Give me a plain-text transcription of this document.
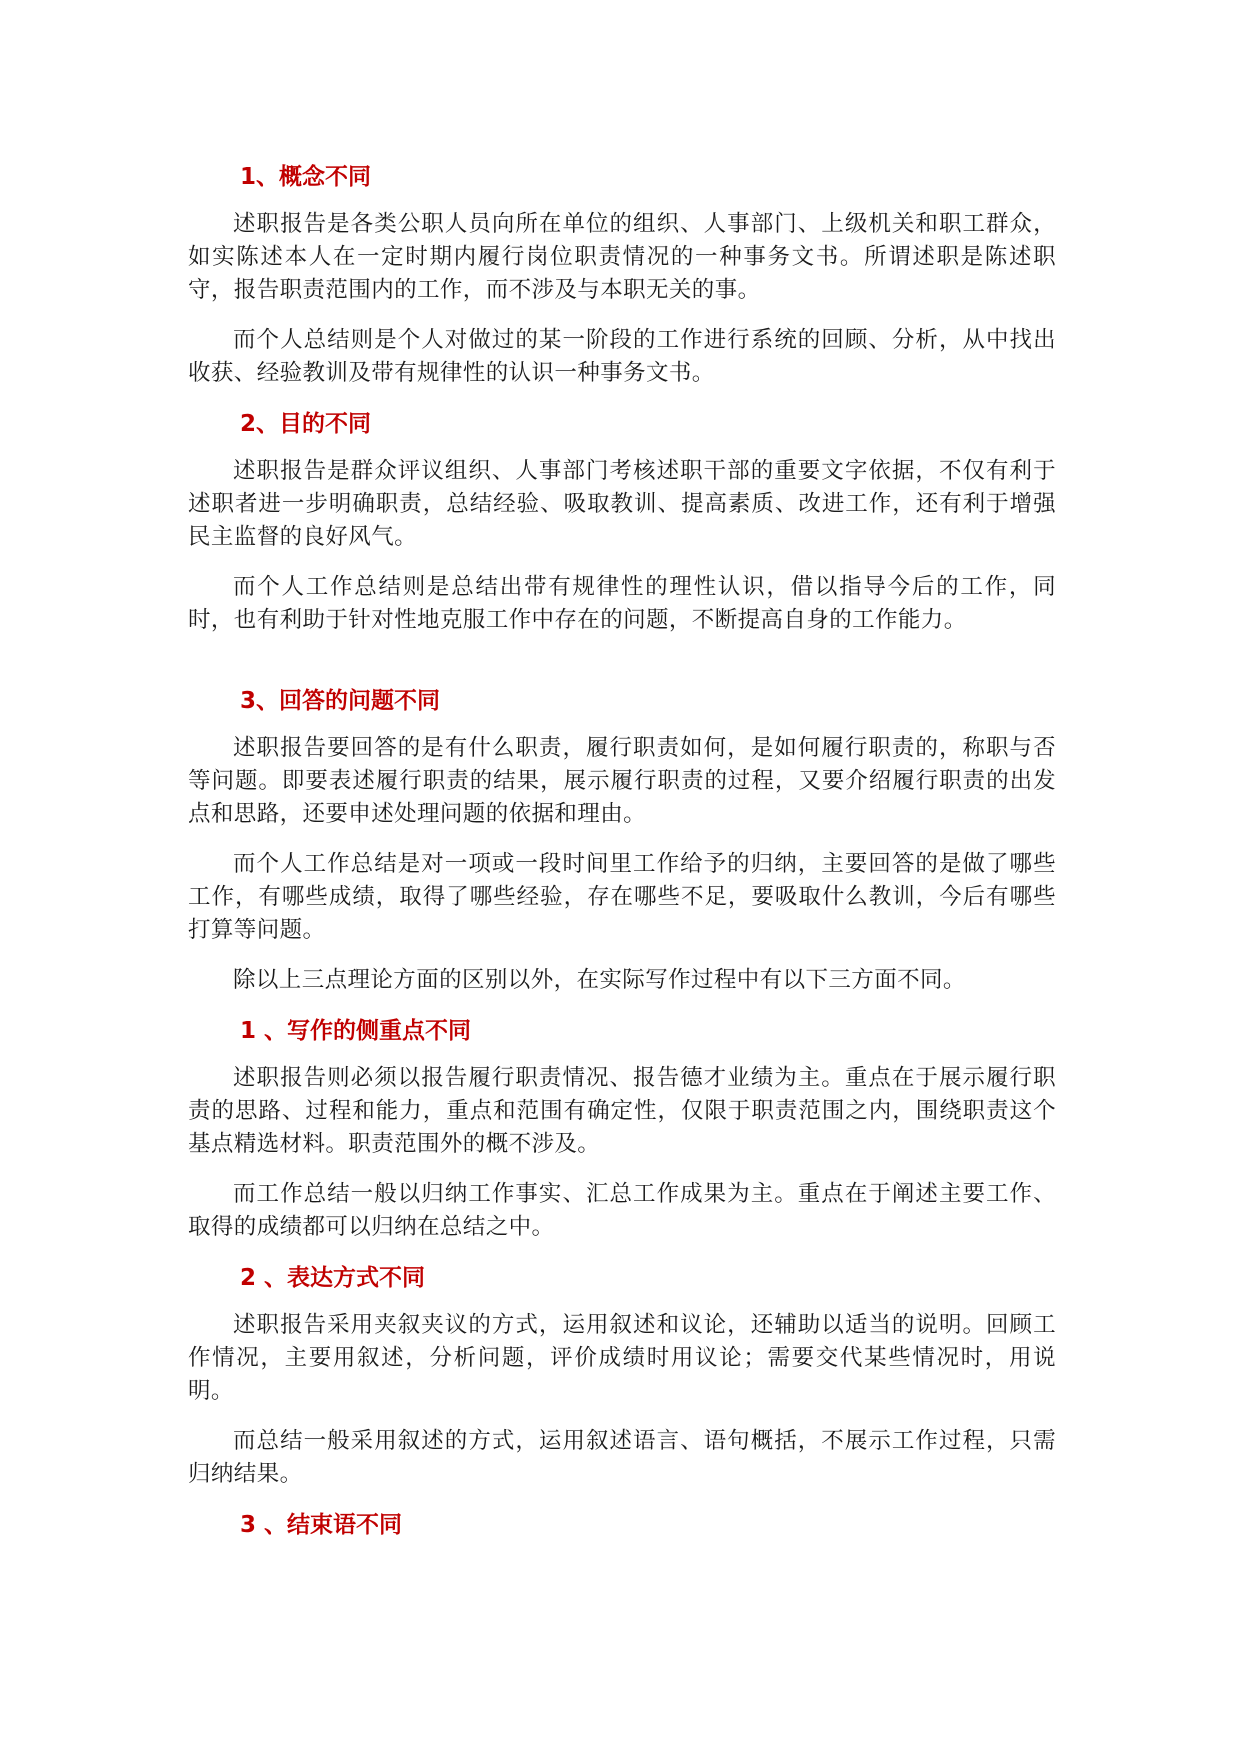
1、概念不同

述职报告是各类公职人员向所在单位的组织、人事部门、上级机关和职工群众，如实陈述本人在一定时期内履行岗位职责情况的一种事务文书。所谓述职是陈述职守，报告职责范围内的工作，而不涉及与本职无关的事。

而个人总结则是个人对做过的某一阶段的工作进行系统的回顾、分析，从中找出收获、经验教训及带有规律性的认识一种事务文书。

2、目的不同

述职报告是群众评议组织、人事部门考核述职干部的重要文字依据，不仅有利于述职者进一步明确职责，总结经验、吸取教训、提高素质、改进工作，还有利于增强民主监督的良好风气。

而个人工作总结则是总结出带有规律性的理性认识，借以指导今后的工作，同时，也有利助于针对性地克服工作中存在的问题，不断提高自身的工作能力。

3、回答的问题不同

述职报告要回答的是有什么职责，履行职责如何，是如何履行职责的，称职与否等问题。即要表述履行职责的结果，展示履行职责的过程，又要介绍履行职责的出发点和思路，还要申述处理问题的依据和理由。

而个人工作总结是对一项或一段时间里工作给予的归纳，主要回答的是做了哪些工作，有哪些成绩，取得了哪些经验，存在哪些不足，要吸取什么教训，今后有哪些打算等问题。

除以上三点理论方面的区别以外，在实际写作过程中有以下三方面不同。

1 、写作的侧重点不同

述职报告则必须以报告履行职责情况、报告德才业绩为主。重点在于展示履行职责的思路、过程和能力，重点和范围有确定性，仅限于职责范围之内，围绕职责这个基点精选材料。职责范围外的概不涉及。

而工作总结一般以归纳工作事实、汇总工作成果为主。重点在于阐述主要工作、取得的成绩都可以归纳在总结之中。

2 、表达方式不同

述职报告采用夹叙夹议的方式，运用叙述和议论，还辅助以适当的说明。回顾工作情况，主要用叙述，分析问题，评价成绩时用议论；需要交代某些情况时，用说明。

而总结一般采用叙述的方式，运用叙述语言、语句概括，不展示工作过程，只需归纳结果。

3 、结束语不同
